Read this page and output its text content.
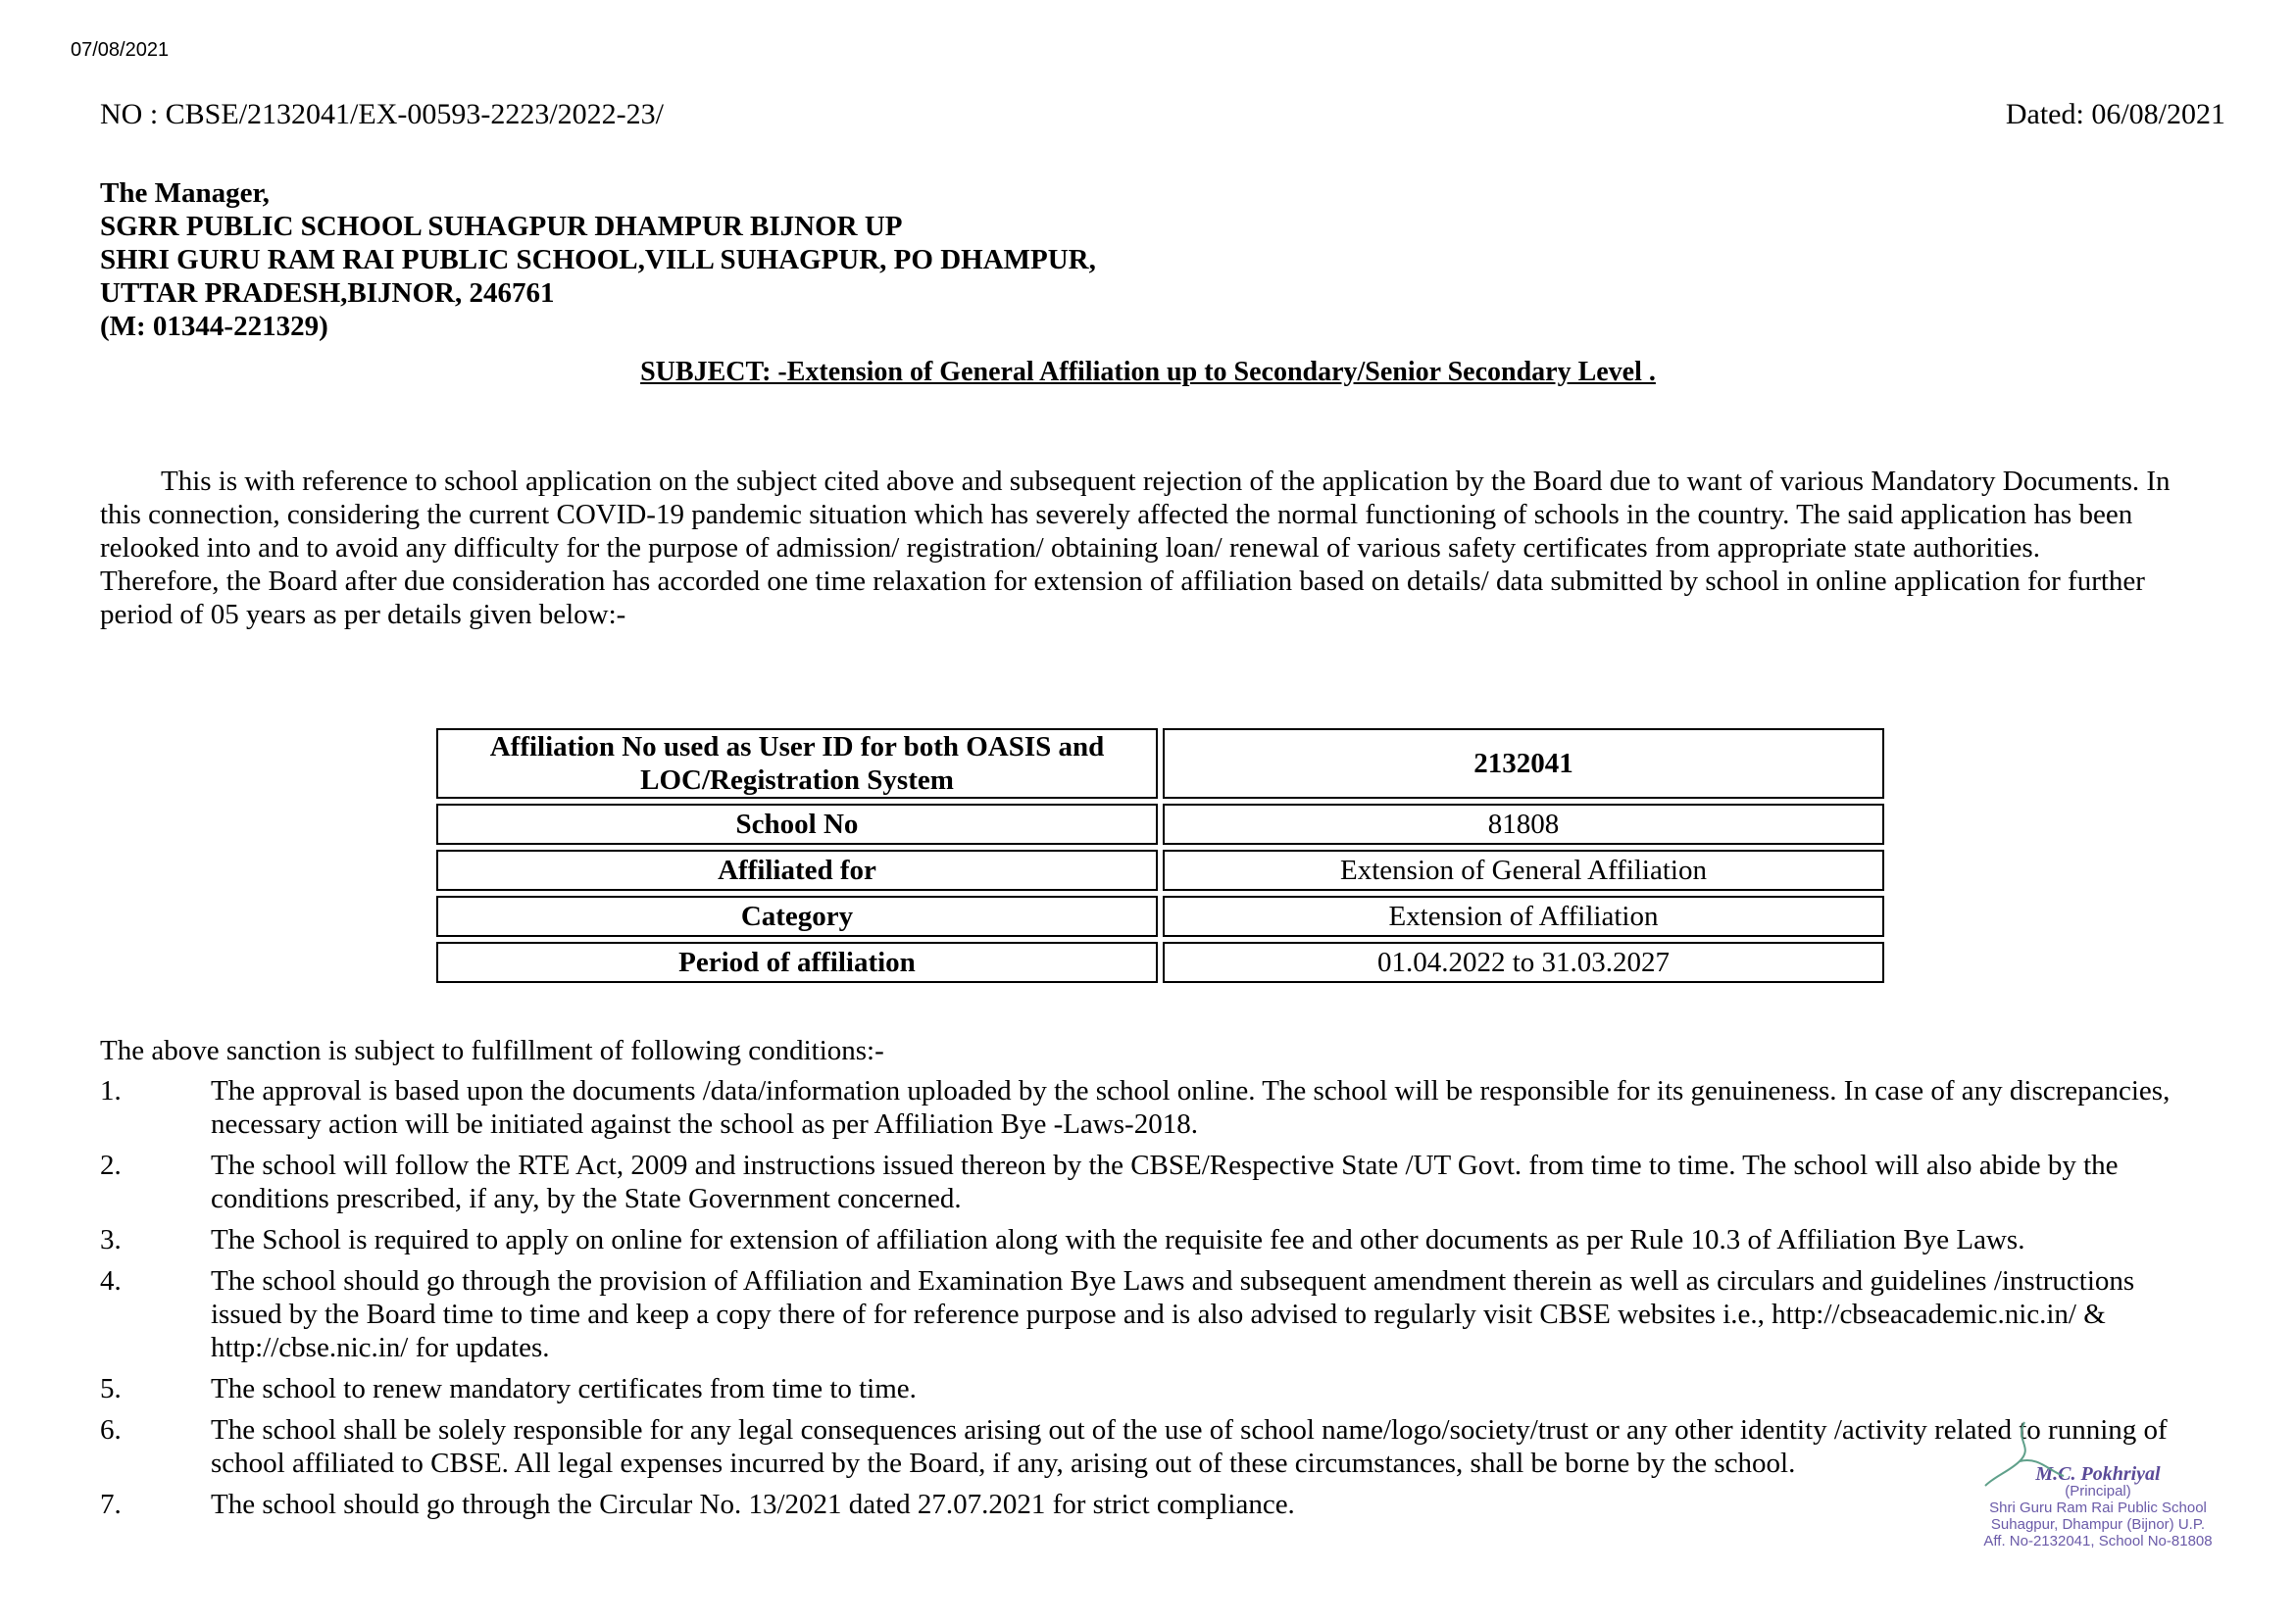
07/08/2021
NO : CBSE/2132041/EX-00593-2223/2022-23/	Dated: 06/08/2021
The Manager,
SGRR PUBLIC SCHOOL SUHAGPUR DHAMPUR BIJNOR UP
SHRI GURU RAM RAI PUBLIC SCHOOL,VILL SUHAGPUR, PO DHAMPUR,
UTTAR PRADESH,BIJNOR, 246761
(M: 01344-221329)
SUBJECT: -Extension of General Affiliation up to Secondary/Senior Secondary Level .

This is with reference to school application on the subject cited above and subsequent rejection of the application by the Board due to want of various Mandatory Documents. In this connection, considering the current COVID-19 pandemic situation which has severely affected the normal functioning of schools in the country. The said application has been relooked into and to avoid any difficulty for the purpose of admission/ registration/ obtaining loan/ renewal of various safety certificates from appropriate state authorities.

Therefore, the Board after due consideration has accorded one time relaxation for extension of affiliation based on details/ data submitted by school in online application for further period of 05 years as per details given below:-

Affiliation No used as User ID for both OASIS and LOC/Registration System	2132041
School No	81808
Affiliated for	Extension of General Affiliation
Category	Extension of Affiliation
Period of affiliation	01.04.2022 to 31.03.2027
The above sanction is subject to fulfillment of following conditions:-
1.	The approval is based upon the documents /data/information uploaded by the school online. The school will be responsible for its genuineness. In case of any discrepancies, necessary action will be initiated against the school as per Affiliation Bye -Laws-2018.
2.	The school will follow the RTE Act, 2009 and instructions issued thereon by the CBSE/Respective State /UT Govt. from time to time. The school will also abide by the conditions prescribed, if any, by the State Government concerned.
3.	The School is required to apply on online for extension of affiliation along with the requisite fee and other documents as per Rule 10.3 of Affiliation Bye Laws.
4.	The school should go through the provision of Affiliation and Examination Bye Laws and subsequent amendment therein as well as circulars and guidelines /instructions issued by the Board time to time and keep a copy there of for reference purpose and is also advised to regularly visit CBSE websites i.e., http://cbseacademic.nic.in/ & http://cbse.nic.in/ for updates.
5.	The school to renew mandatory certificates from time to time.
6.	The school shall be solely responsible for any legal consequences arising out of the use of school name/logo/society/trust or any other identity /activity related to running of school affiliated to CBSE. All legal expenses incurred by the Board, if any, arising out of these circumstances, shall be borne by the school.
7.	The school should go through the Circular No. 13/2021 dated 27.07.2021 for strict compliance.
M.C. Pokhriyal
(Principal)
Shri Guru Ram Rai Public School
Suhagpur, Dhampur (Bijnor) U.P.
Aff. No-2132041, School No-81808
